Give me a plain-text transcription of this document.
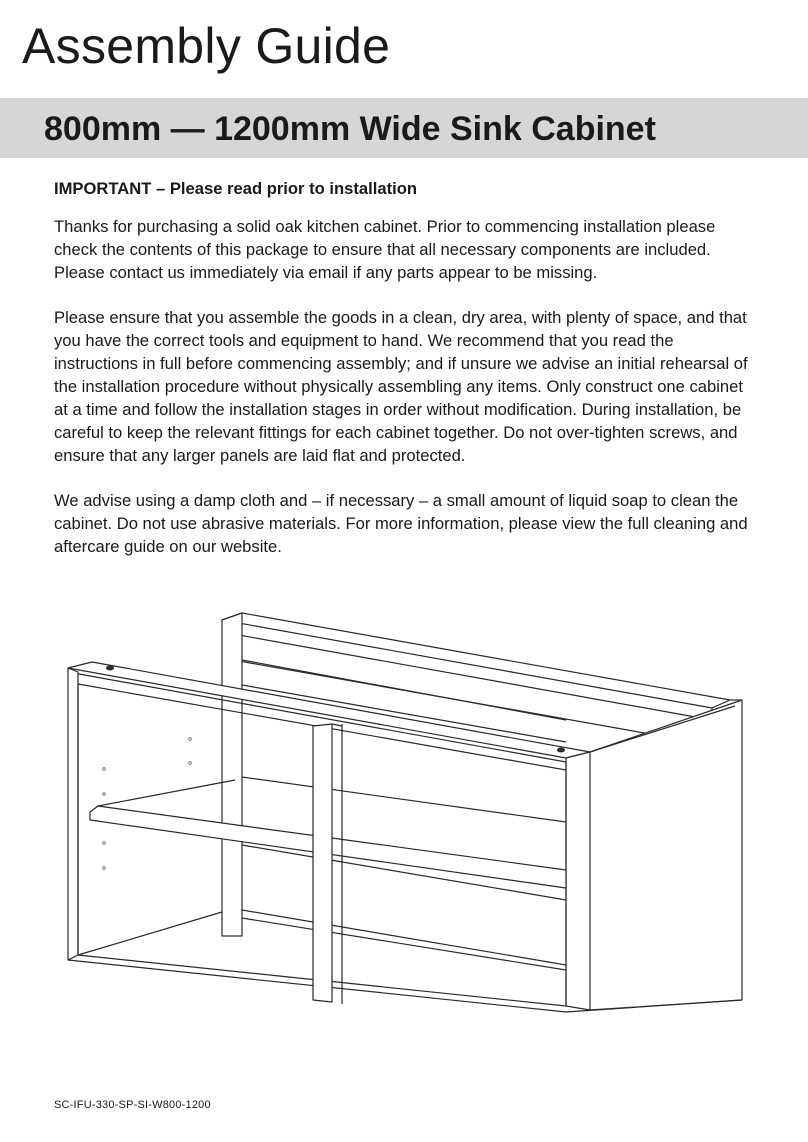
Assembly Guide
800mm — 1200mm Wide Sink Cabinet

IMPORTANT – Please read prior to installation

Thanks for purchasing a solid oak kitchen cabinet. Prior to commencing installation please check the contents of this package to ensure that all necessary components are included. Please contact us immediately via email if any parts appear to be missing.

Please ensure that you assemble the goods in a clean, dry area, with plenty of space, and that you have the correct tools and equipment to hand. We recommend that you read the instructions in full before commencing assembly; and if unsure we advise an initial rehearsal of the installation procedure without physically assembling any items. Only construct one cabinet at a time and follow the installation stages in order without modification. During installation, be careful to keep the relevant fittings for each cabinet together. Do not over-tighten screws, and ensure that any larger panels are laid flat and protected.

We advise using a damp cloth and – if necessary – a small amount of liquid soap to clean the cabinet. Do not use abrasive materials. For more information, please view the full cleaning and aftercare guide on our website.

SC-IFU-330-SP-SI-W800-1200
